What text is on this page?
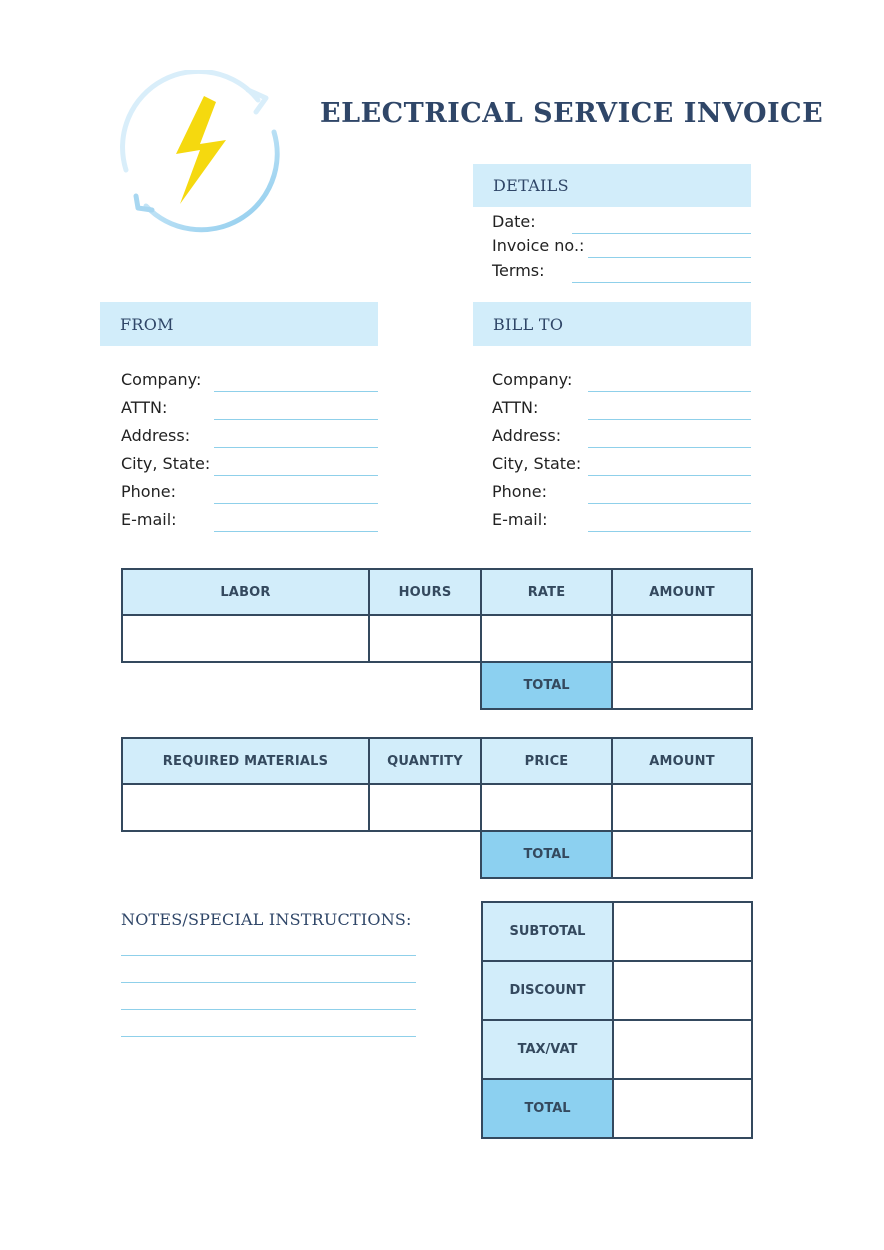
ELECTRICAL SERVICE INVOICE
DETAILS
Date:
Invoice no.:
Terms:
FROM	BILL TO
Company:
ATTN:
Address:
City, State:
Phone:
E-mail:
Company:
ATTN:
Address:
City, State:
Phone:
E-mail:
LABOR	HOURS	RATE	AMOUNT

		TOTAL	
REQUIRED MATERIALS	QUANTITY	PRICE	AMOUNT

		TOTAL	
NOTES/SPECIAL INSTRUCTIONS:
SUBTOTAL	
DISCOUNT	
TAX/VAT	
TOTAL	
